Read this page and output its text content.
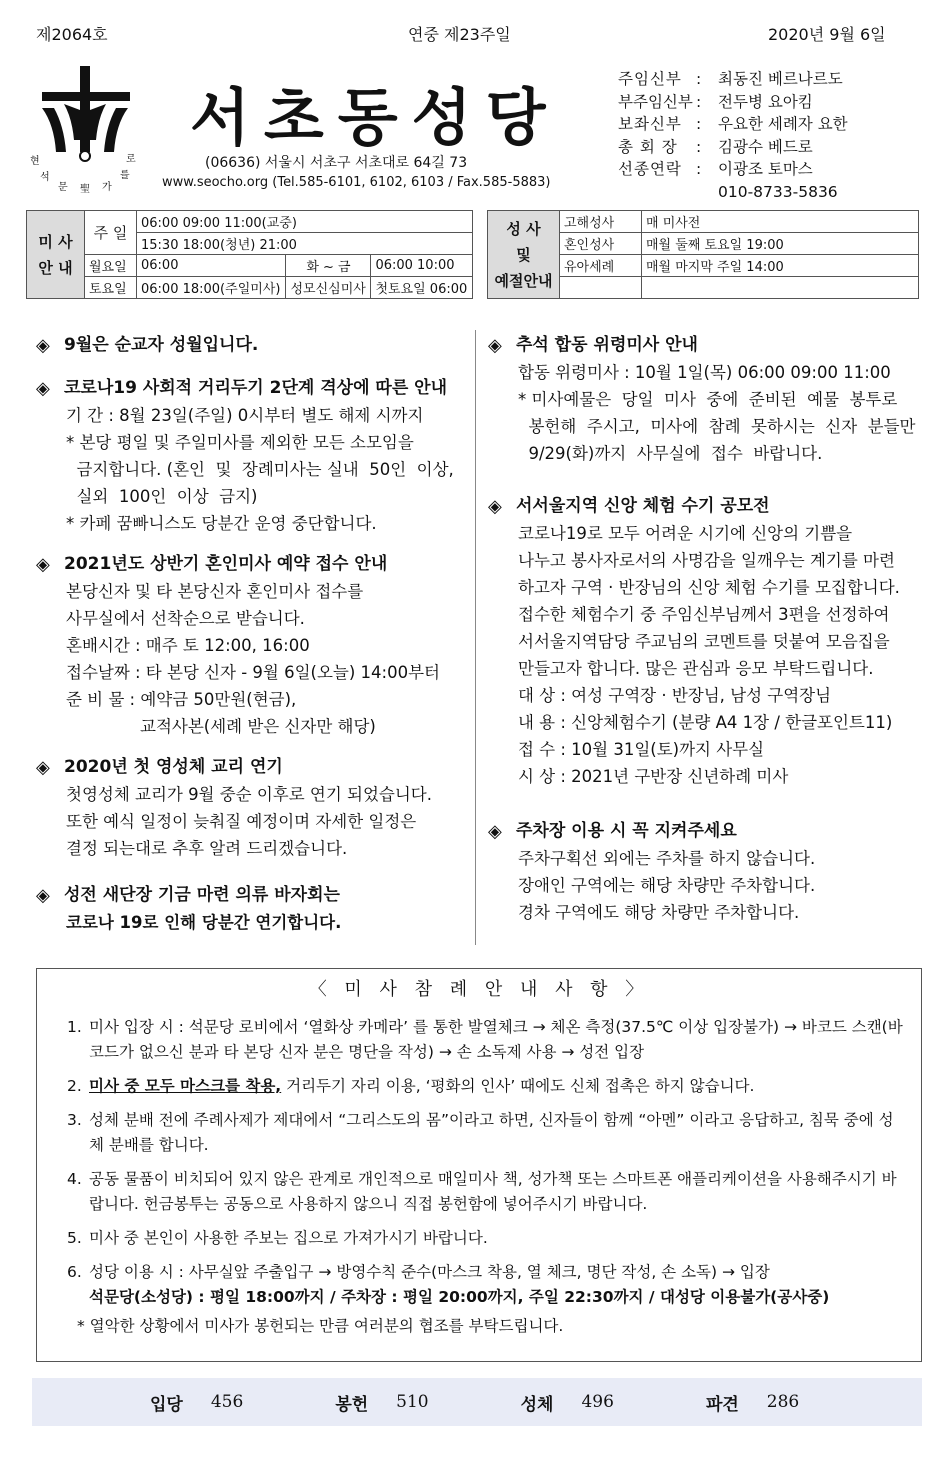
제2064호	연중 제23주일	2020년 9월 6일
현
석
문 聖 가
를
로
서초동성당
(06636) 서울시 서초구 서초대로 64길 73
www.seocho.org (Tel.585-6101, 6102, 6103 / Fax.585-5883)
주임신부 :	최동진 베르나르도
부주임신부 :	전두병 요아킴
보좌신부 :	우요한 세례자 요한
총 회 장	:	김광수 베드로
선종연락 :	이광조 토마스
010-8733-5836
미 사
안 내	주 일	06:00 09:00 11:00(교중)		
		15:30 18:00(청년) 21:00		
	월요일	06:00	화 ~ 금	06:00 10:00
	토요일	06:00 18:00(주일미사)	성모신심미사	첫토요일 06:00
성 사
및
예절안내	고해성사	매 미사전
	혼인성사	매월 둘째 토요일 19:00
	유아세례	매월 마지막 주일 14:00

◈ 9월은 순교자 성월입니다.
◈ 코로나19 사회적 거리두기 2단계 격상에 따른 안내
기 간 : 8월 23일(주일) 0시부터 별도 해제 시까지
* 본당 평일 및 주일미사를 제외한 모든 소모임을
금지합니다. (혼인  및  장례미사는 실내  50인  이상,
실외  100인  이상  금지)
* 카페 꿈빠니스도 당분간 운영 중단합니다.
◈ 2021년도 상반기 혼인미사 예약 접수 안내
본당신자 및 타 본당신자 혼인미사 접수를
사무실에서 선착순으로 받습니다.
혼배시간 : 매주 토 12:00, 16:00
접수날짜 : 타 본당 신자 - 9월 6일(오늘) 14:00부터
준 비 물 : 예약금 50만원(현금),
교적사본(세례 받은 신자만 해당)
◈ 2020년 첫 영성체 교리 연기
첫영성체 교리가 9월 중순 이후로 연기 되었습니다.
또한 예식 일정이 늦춰질 예정이며 자세한 일정은
결정 되는대로 추후 알려 드리겠습니다.
◈ 성전 새단장 기금 마련 의류 바자회는
코로나 19로 인해 당분간 연기합니다.
◈ 추석 합동 위령미사 안내
합동 위령미사 : 10월 1일(목) 06:00 09:00 11:00
* 미사예물은  당일  미사  중에  준비된  예물  봉투로
봉헌해  주시고,  미사에  참례  못하시는  신자  분들만
9/29(화)까지  사무실에  접수  바랍니다.
◈ 서서울지역 신앙 체험 수기 공모전
코로나19로 모두 어려운 시기에 신앙의 기쁨을
나누고 봉사자로서의 사명감을 일깨우는 계기를 마련
하고자 구역 · 반장님의 신앙 체험 수기를 모집합니다.
접수한 체험수기 중 주임신부님께서 3편을 선정하여
서서울지역담당 주교님의 코멘트를 덧붙여 모음집을
만들고자 합니다. 많은 관심과 응모 부탁드립니다.
대 상 : 여성 구역장 · 반장님, 남성 구역장님
내 용 : 신앙체험수기 (분량 A4 1장 / 한글포인트11)
접 수 : 10월 31일(토)까지 사무실
시 상 : 2021년 구반장 신년하례 미사
◈ 주차장 이용 시 꼭 지켜주세요
주차구획선 외에는 주차를 하지 않습니다.
장애인 구역에는 해당 차량만 주차합니다.
경차 구역에도 해당 차량만 주차합니다.
〈 미 사 참 례 안 내 사 항 〉
1. 미사 입장 시 : 석문당 로비에서 ‘열화상 카메라’ 를 통한 발열체크 → 체온 측정(37.5℃ 이상 입장불가) → 바코드 스캔(바코드가 없으신 분과 타 본당 신자 분은 명단을 작성) → 손 소독제 사용 → 성전 입장
2. 미사 중 모두 마스크를 착용, 거리두기 자리 이용, ‘평화의 인사’ 때에도 신체 접촉은 하지 않습니다.
3. 성체 분배 전에 주례사제가 제대에서 “그리스도의 몸”이라고 하면, 신자들이 함께 “아멘” 이라고 응답하고, 침묵 중에 성체 분배를 합니다.
4. 공동 물품이 비치되어 있지 않은 관계로 개인적으로 매일미사 책, 성가책 또는 스마트폰 애플리케이션을 사용해주시기 바랍니다. 헌금봉투는 공동으로 사용하지 않으니 직접 봉헌함에 넣어주시기 바랍니다.
5. 미사 중 본인이 사용한 주보는 집으로 가져가시기 바랍니다.
6. 성당 이용 시 : 사무실앞 주출입구 → 방영수칙 준수(마스크 착용, 열 체크, 명단 작성, 손 소독) → 입장
석문당(소성당) : 평일 18:00까지 / 주차장 : 평일 20:00까지, 주일 22:30까지 / 대성당 이용불가(공사중)
* 열악한 상황에서 미사가 봉헌되는 만큼 여러분의 협조를 부탁드립니다.
입당 456	봉헌 510	성체 496	파견 286
